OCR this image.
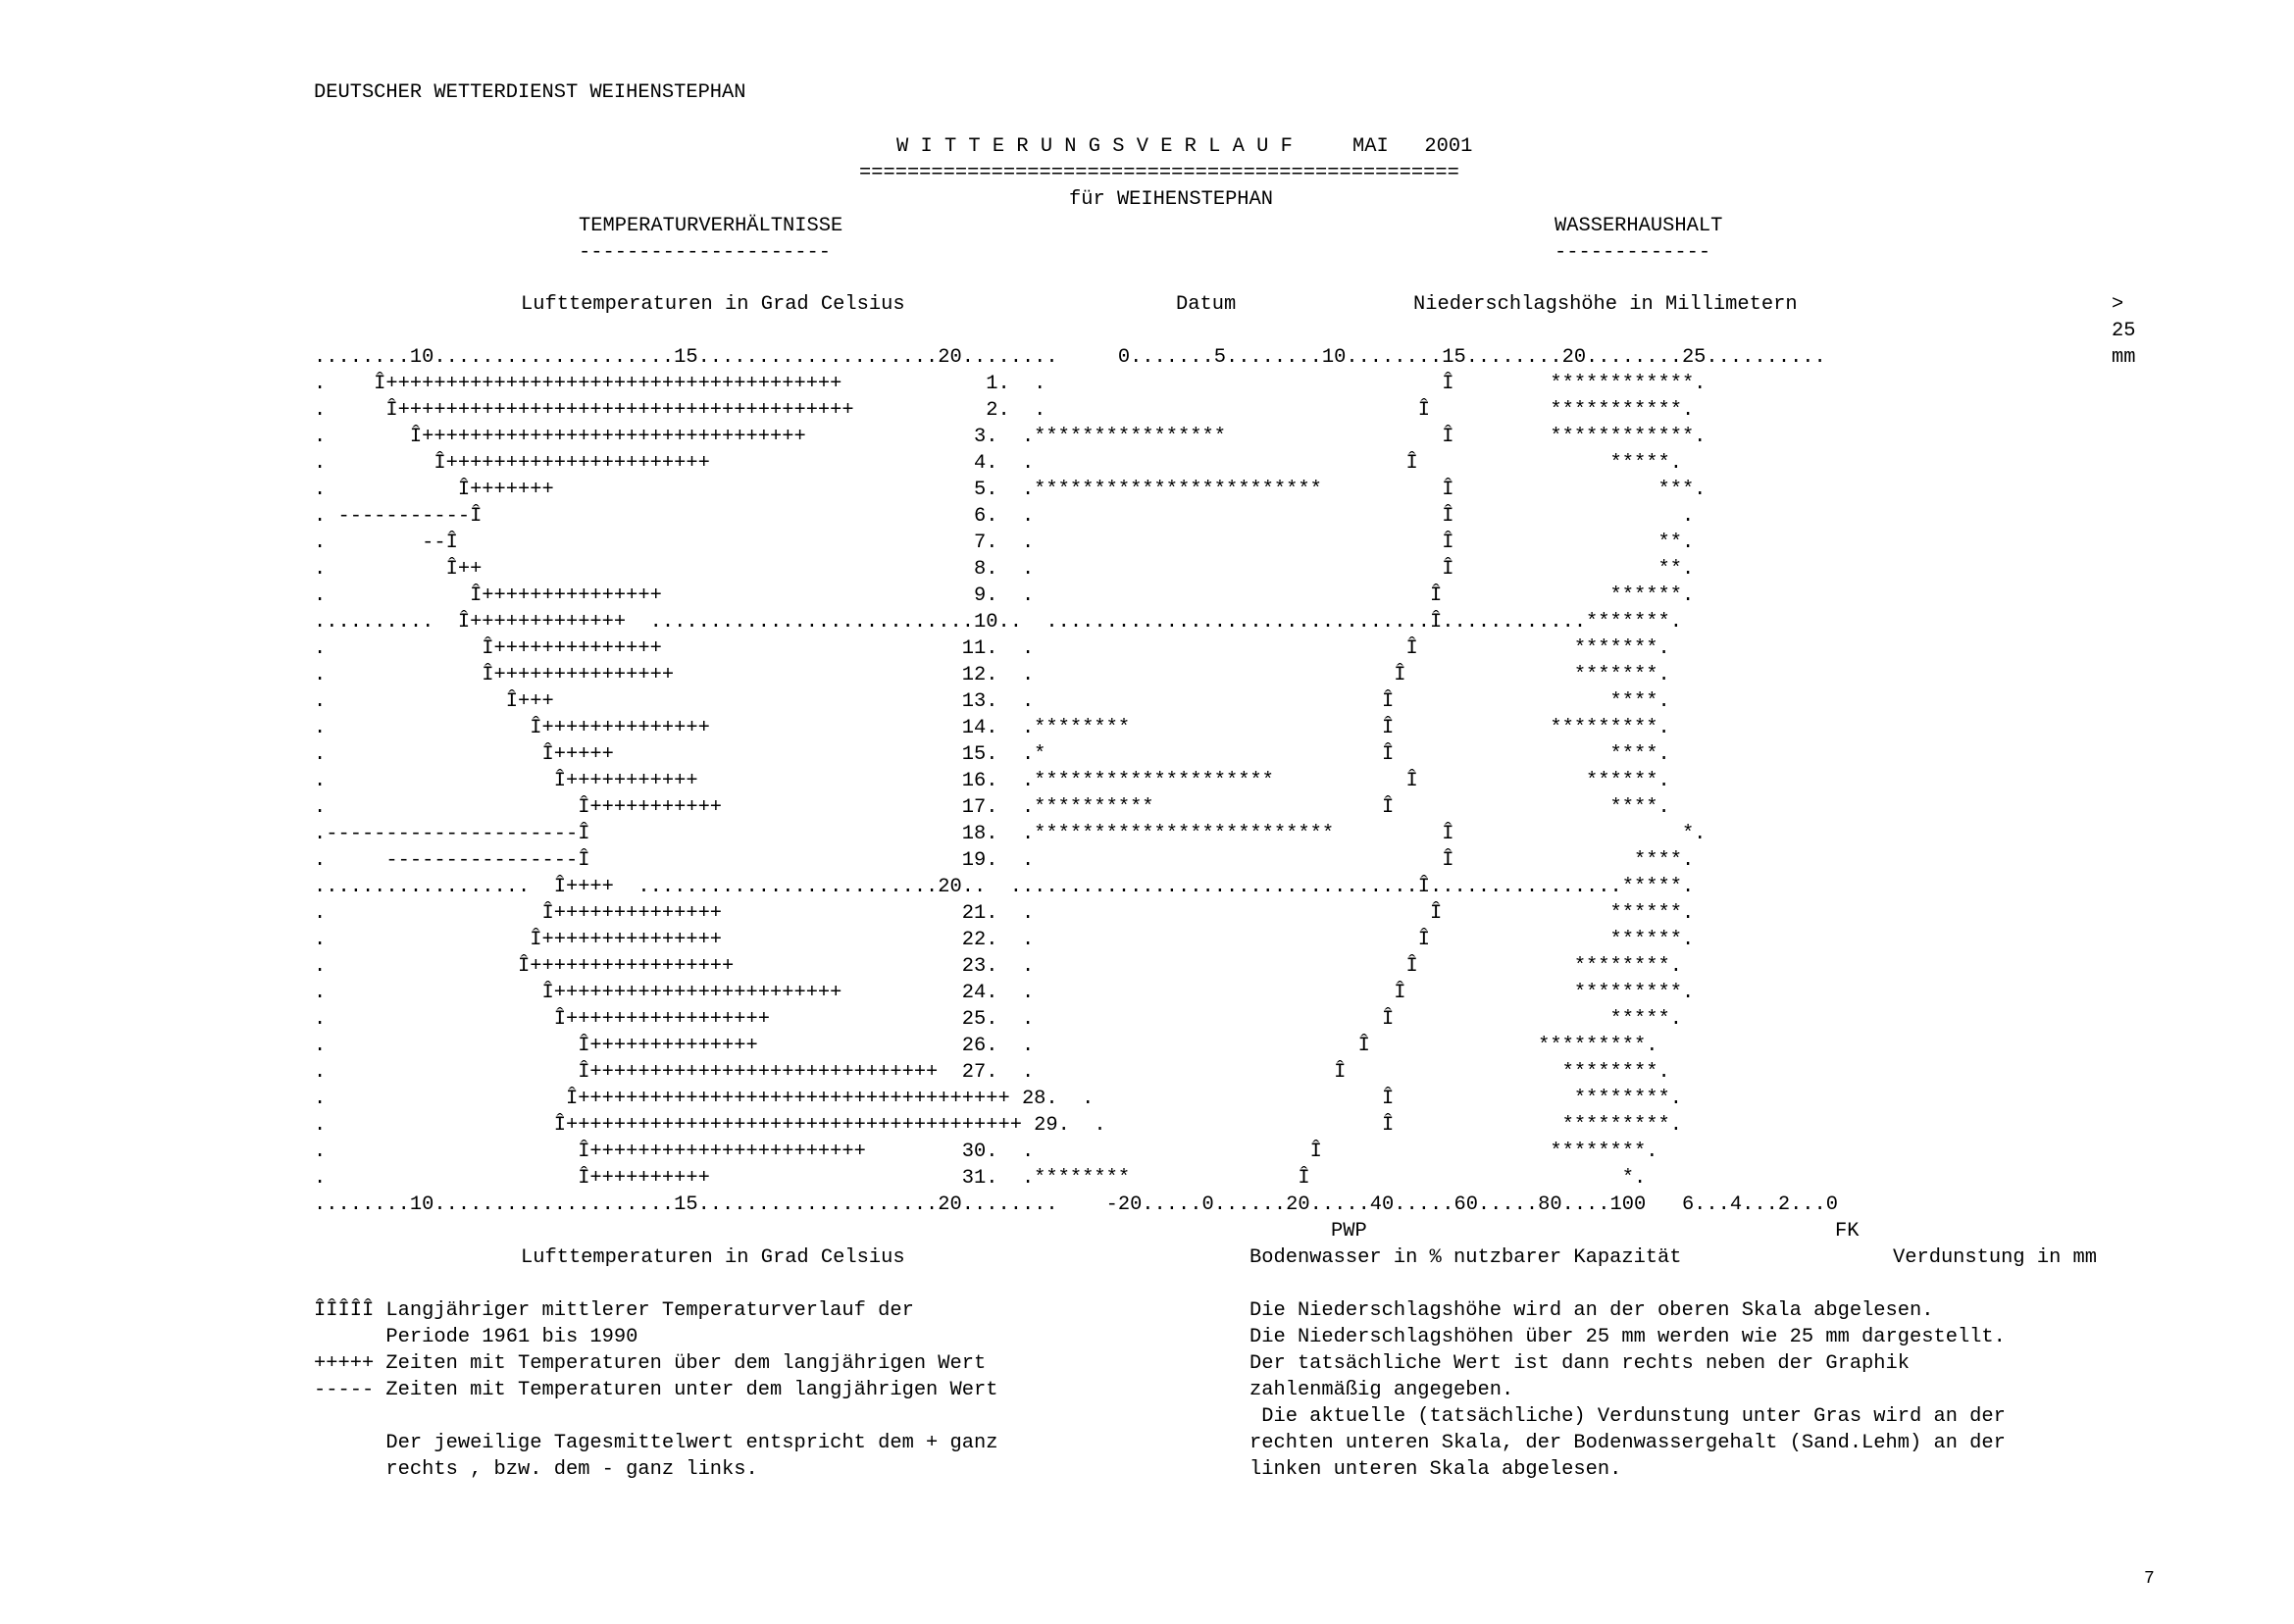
DEUTSCHER WETTERDIENST WEIHENSTEPHAN
W I T T E R U N G S V E R L A U F     MAI   2001
==================================================
für WEIHENSTEPHAN
TEMPERATURVERHÄLTNISSE
---------------------
WASSERHAUSHALT
-------------
Lufttemperaturen in Grad Celsius	Datum	Niederschlagshöhe in Millimetern	>
25
mm
........10....................15....................20........     0.......5........10........15........20........25..........
.    Î++++++++++++++++++++++++++++++++++++++            1.  .                                 Î        ************.
.     Î++++++++++++++++++++++++++++++++++++++           2.  .                               Î          ***********.
.       Î++++++++++++++++++++++++++++++++              3.  .****************                  Î        ************.
.         Î++++++++++++++++++++++                      4.  .                               Î                *****.
.           Î+++++++                                   5.  .************************          Î                 ***.
. -----------Î                                         6.  .                                  Î                   .
.        --Î                                           7.  .                                  Î                 **.
.          Î++                                         8.  .                                  Î                 **.
.            Î+++++++++++++++                          9.  .                                 Î              ******.
..........  Î+++++++++++++  ...........................10..  ................................Î............*******.
.             Î++++++++++++++                         11.  .                               Î             *******.
.             Î+++++++++++++++                        12.  .                              Î              *******.
.               Î+++                                  13.  .                             Î                  ****.
.                 Î++++++++++++++                     14.  .********                     Î             *********.
.                  Î+++++                             15.  .*                            Î                  ****.
.                   Î+++++++++++                      16.  .********************           Î              ******.
.                     Î+++++++++++                    17.  .**********                   Î                  ****.
.---------------------Î                               18.  .*************************         Î                   *.
.     ----------------Î                               19.  .                                  Î               ****.
..................  Î++++  .........................20..  ..................................Î................*****.
.                  Î++++++++++++++                    21.  .                                 Î              ******.
.                 Î+++++++++++++++                    22.  .                                Î               ******.
.                Î+++++++++++++++++                   23.  .                               Î             ********.
.                  Î++++++++++++++++++++++++          24.  .                              Î              *********.
.                   Î+++++++++++++++++                25.  .                             Î                  *****.
.                     Î++++++++++++++                 26.  .                           Î              *********.
.                     Î+++++++++++++++++++++++++++++  27.  .                         Î                  ********.
.                    Î++++++++++++++++++++++++++++++++++++ 28.  .                        Î               ********.
.                   Î++++++++++++++++++++++++++++++++++++++ 29.  .                       Î              *********.
.                     Î+++++++++++++++++++++++        30.  .                       Î                   ********.
.                     Î++++++++++                     31.  .********              Î                          *.
........10....................15....................20........    -20.....0......20.....40.....60.....80....100   6...4...2...0
PWP	FK
Lufttemperaturen in Grad Celsius	Bodenwasser in % nutzbarer Kapazität	Verdunstung in mm
ÎÎÎÎÎ Langjähriger mittlerer Temperaturverlauf der
Periode 1961 bis 1990
+++++ Zeiten mit Temperaturen über dem langjährigen Wert
----- Zeiten mit Temperaturen unter dem langjährigen Wert
Der jeweilige Tagesmittelwert entspricht dem + ganz
rechts , bzw. dem - ganz links.
Die Niederschlagshöhe wird an der oberen Skala abgelesen.
Die Niederschlagshöhen über 25 mm werden wie 25 mm dargestellt.
Der tatsächliche Wert ist dann rechts neben der Graphik
zahlenmäßig angegeben.
Die aktuelle (tatsächliche) Verdunstung unter Gras wird an der
rechten unteren Skala, der Bodenwassergehalt (Sand.Lehm) an der
linken unteren Skala abgelesen.
7
